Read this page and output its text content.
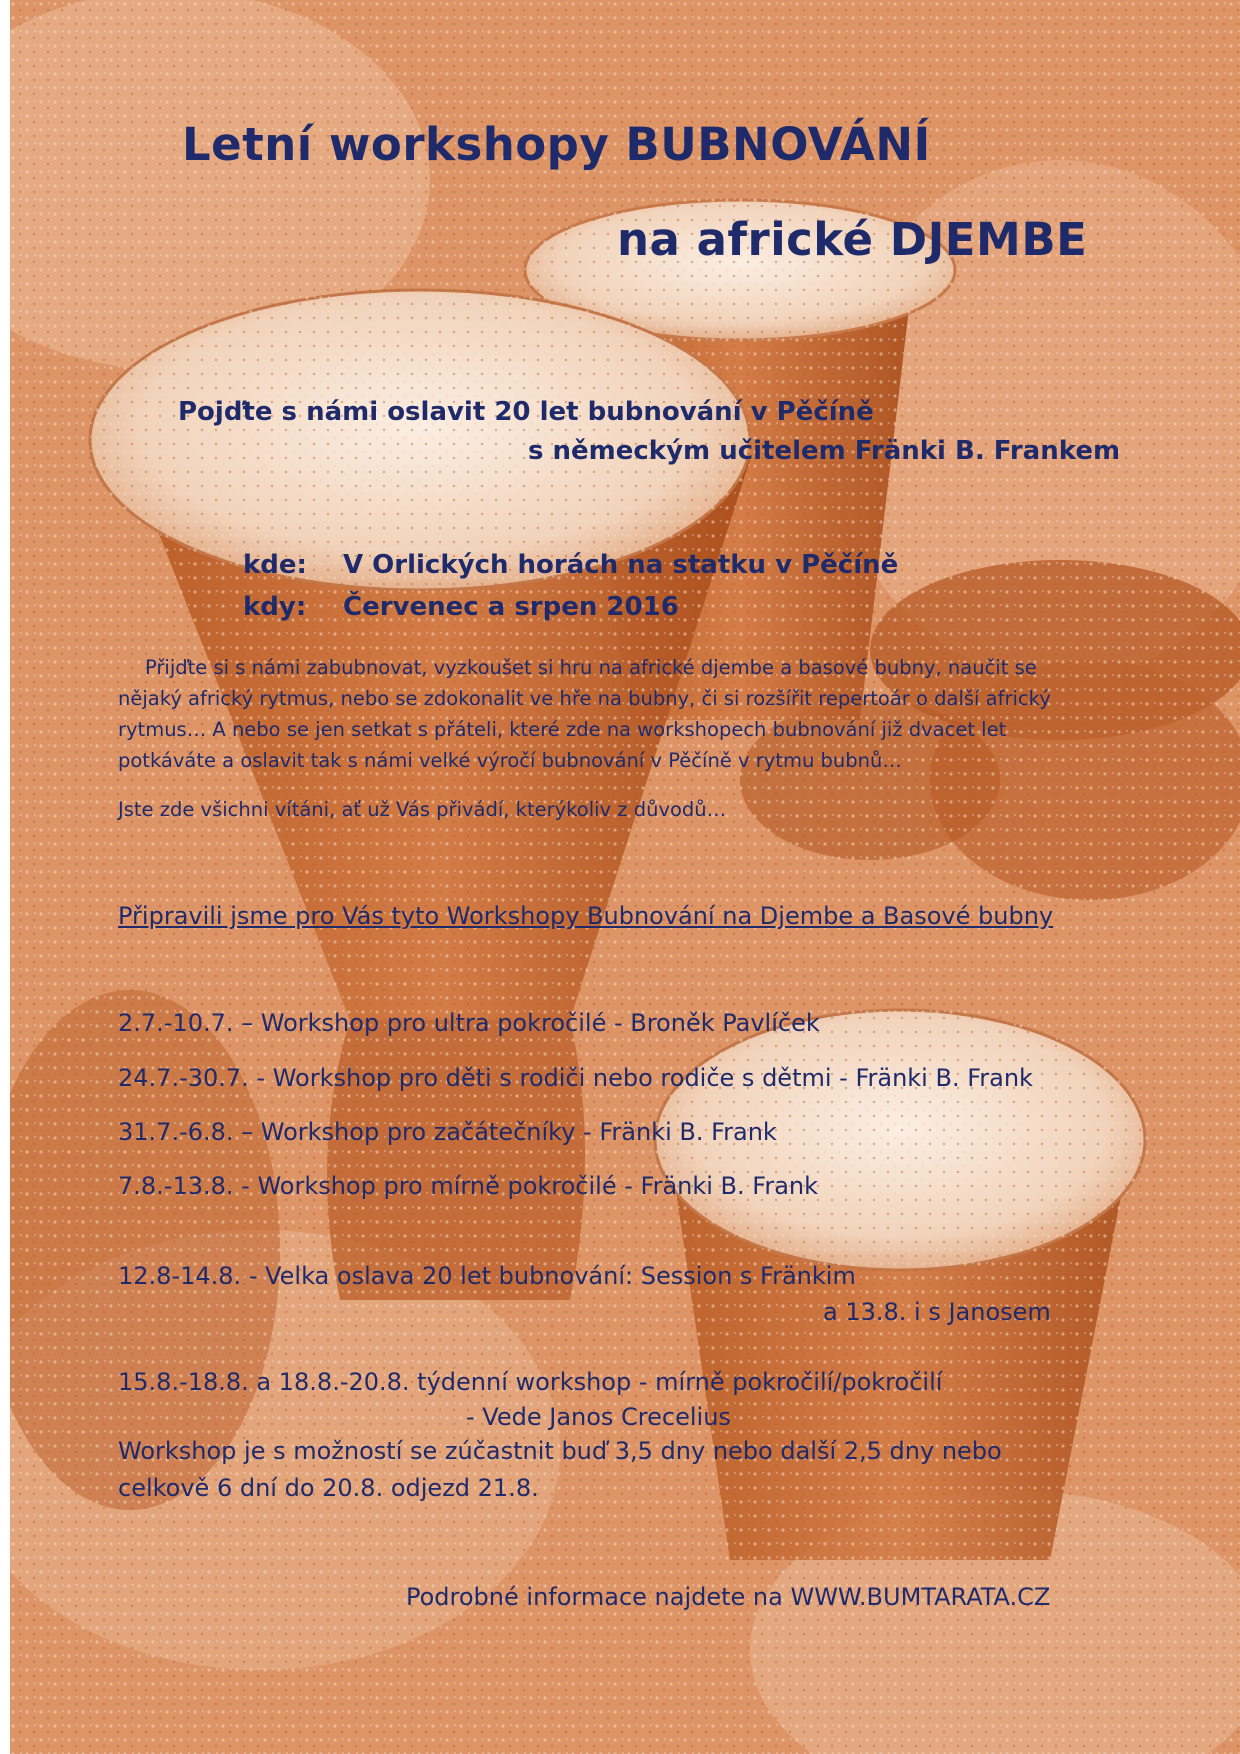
Letní workshopy BUBNOVÁNÍ
na africké DJEMBE
Pojďte s námi oslavit 20 let bubnování v Pěčíně
s německým učitelem Fränki B. Frankem
kde: V Orlických horách na statku v Pěčíně
kdy: Červenec a srpen 2016
Přijďte si s námi zabubnovat, vyzkoušet si hru na africké djembe a basové bubny, naučit se
nějaký africký rytmus, nebo se zdokonalit ve hře na bubny, či si rozšířit repertoár o další africký
rytmus… A nebo se jen setkat s přáteli, které zde na workshopech bubnování již dvacet let
potkáváte a oslavit tak s námi velké výročí bubnování v Pěčíně v rytmu bubnů…
Jste zde všichni vítáni, ať už Vás přivádí, kterýkoliv z důvodů…
Připravili jsme pro Vás tyto Workshopy Bubnování na Djembe a Basové bubny
2.7.-10.7. – Workshop pro ultra pokročilé - Broněk Pavlíček
24.7.-30.7. - Workshop pro děti s rodiči nebo rodiče s dětmi - Fränki B. Frank
31.7.-6.8. – Workshop pro začátečníky - Fränki B. Frank
7.8.-13.8. - Workshop pro mírně pokročilé - Fränki B. Frank
12.8-14.8. - Velka oslava 20 let bubnování: Session s Fränkim
a 13.8. i s Janosem
15.8.-18.8. a 18.8.-20.8. týdenní workshop - mírně pokročilí/pokročilí
- Vede Janos Crecelius
Workshop je s možností se zúčastnit buď 3,5 dny nebo další 2,5 dny nebo
celkově 6 dní do 20.8. odjezd 21.8.
Podrobné informace najdete na WWW.BUMTARATA.CZ
